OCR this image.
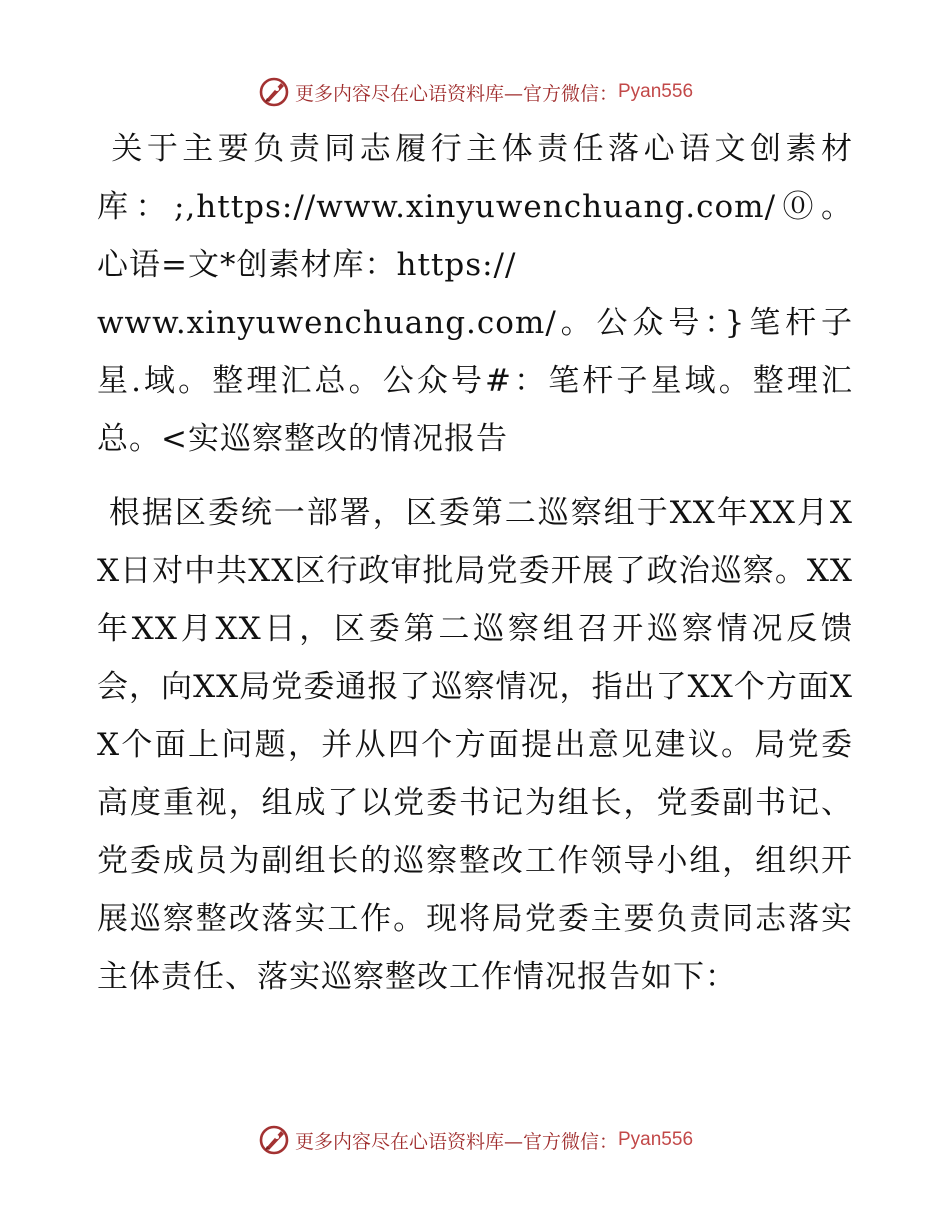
更多内容尽在心语资料库—官方微信： Pyan556

关于主要负责同志履行主体责任落心语文创素材库：;,https://www.xinyuwenchuang.com/⓪。心语=文*创素材库：https://
www.xinyuwenchuang.com/。公众号：}笔杆子星.域。整理汇总。公众号#：笔杆子星域。整理汇总。<实巡察整改的情况报告

根据区委统一部署，区委第二巡察组于XX年XX月XX日对中共XX区行政审批局党委开展了政治巡察。XX年XX月XX日，区委第二巡察组召开巡察情况反馈会，向XX局党委通报了巡察情况，指出了XX个方面XX个面上问题，并从四个方面提出意见建议。局党委高度重视，组成了以党委书记为组长，党委副书记、党委成员为副组长的巡察整改工作领导小组，组织开展巡察整改落实工作。现将局党委主要负责同志落实主体责任、落实巡察整改工作情况报告如下：

更多内容尽在心语资料库—官方微信： Pyan556
